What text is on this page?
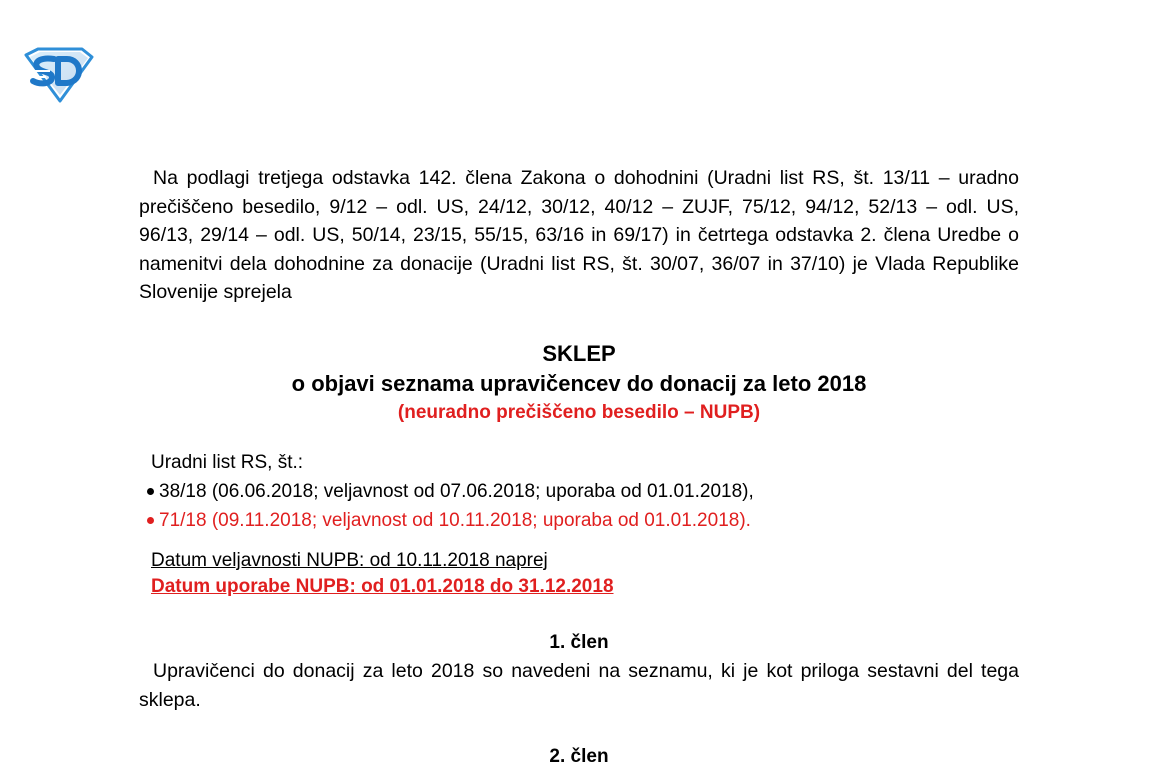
Na podlagi tretjega odstavka 142. člena Zakona o dohodnini (Uradni list RS, št. 13/11 – uradno prečiščeno besedilo, 9/12 – odl. US, 24/12, 30/12, 40/12 – ZUJF, 75/12, 94/12, 52/13 – odl. US, 96/13, 29/14 – odl. US, 50/14, 23/15, 55/15, 63/16 in 69/17) in četrtega odstavka 2. člena Uredbe o namenitvi dela dohodnine za donacije (Uradni list RS, št. 30/07, 36/07 in 37/10) je Vlada Republike Slovenije sprejela

SKLEP

o objavi seznama upravičencev do donacij za leto 2018

(neuradno prečiščeno besedilo – NUPB)

Uradni list RS, št.:
38/18 (06.06.2018; veljavnost od 07.06.2018; uporaba od 01.01.2018),
71/18 (09.11.2018; veljavnost od 10.11.2018; uporaba od 01.01.2018).
Datum veljavnosti NUPB: od 10.11.2018 naprej
Datum uporabe NUPB: od 01.01.2018 do 31.12.2018

1. člen

Upravičenci do donacij za leto 2018 so navedeni na seznamu, ki je kot priloga sestavni del tega sklepa.

2. člen
